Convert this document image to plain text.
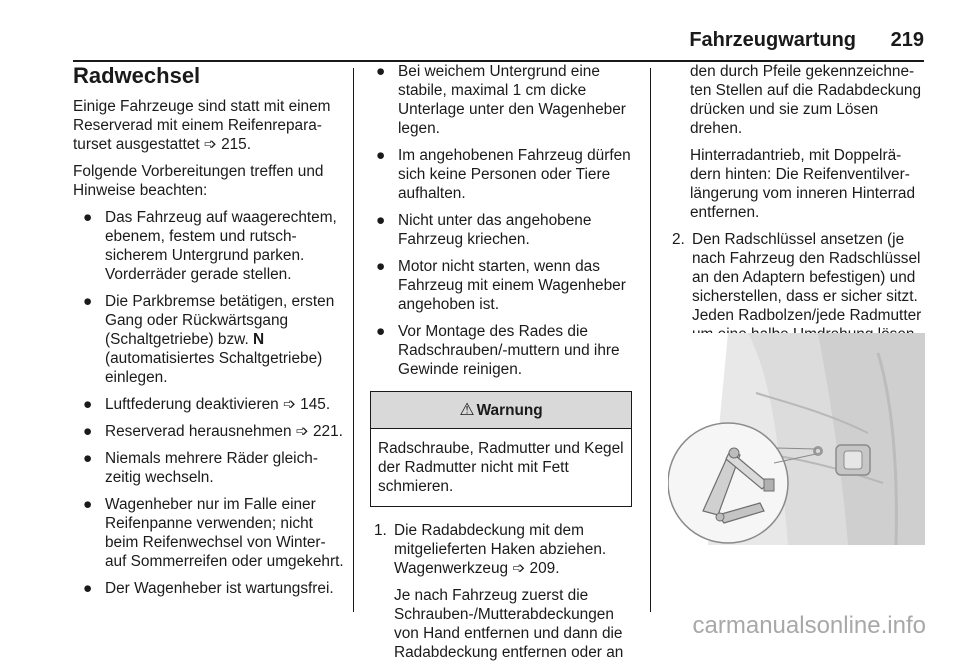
Fahrzeugwartung 219
Radwechsel

Einige Fahrzeuge sind statt mit einem Reserverad mit einem Reifenreparaturset ausgestattet ➩ 215.

Folgende Vorbereitungen treffen und Hinweise beachten:

● Das Fahrzeug auf waagerechtem, ebenem, festem und rutschsicherem Untergrund parken. Vorderräder gerade stellen.
● Die Parkbremse betätigen, ersten Gang oder Rückwärtsgang (Schaltgetriebe) bzw. N (automatisiertes Schaltgetriebe) einlegen.
● Luftfederung deaktivieren ➩ 145.
● Reserverad herausnehmen ➩ 221.
● Niemals mehrere Räder gleichzeitig wechseln.
● Wagenheber nur im Falle einer Reifenpanne verwenden; nicht beim Reifenwechsel von Winter- auf Sommerreifen oder umgekehrt.
● Der Wagenheber ist wartungsfrei.
● Bei weichem Untergrund eine stabile, maximal 1 cm dicke Unterlage unter den Wagenheber legen.
● Im angehobenen Fahrzeug dürfen sich keine Personen oder Tiere aufhalten.
● Nicht unter das angehobene Fahrzeug kriechen.
● Motor nicht starten, wenn das Fahrzeug mit einem Wagenheber angehoben ist.
● Vor Montage des Rades die Radschrauben/-muttern und ihre Gewinde reinigen.
⚠ Warnung
Radschraube, Radmutter und Kegel der Radmutter nicht mit Fett schmieren.
1. Die Radabdeckung mit dem mitgelieferten Haken abziehen. Wagenwerkzeug ➩ 209.

Je nach Fahrzeug zuerst die Schrauben-/Mutterabdeckungen von Hand entfernen und dann die Radabdeckung entfernen oder an

den durch Pfeile gekennzeichneten Stellen auf die Radabdeckung drücken und sie zum Lösen drehen.

Hinterradantrieb, mit Doppelrädern hinten: Die Reifenventilverlängerung vom inneren Hinterrad entfernen.

2. Den Radschlüssel ansetzen (je nach Fahrzeug den Radschlüssel an den Adaptern befestigen) und sicherstellen, dass er sicher sitzt. Jeden Radbolzen/jede Radmutter

carmanualsonline.info
